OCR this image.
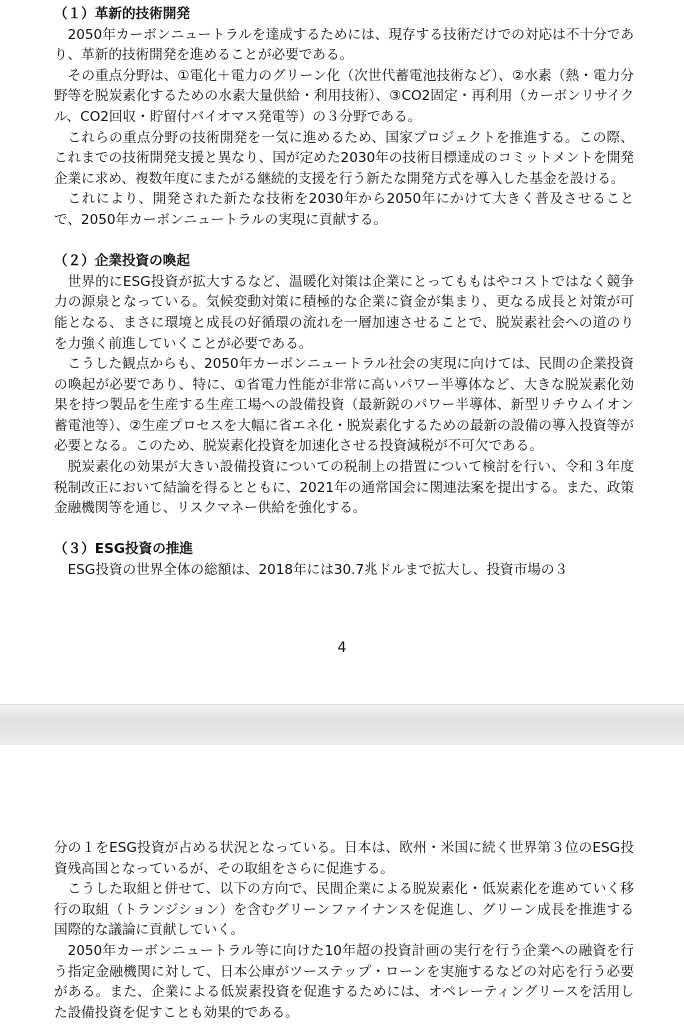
（１）革新的技術開発

2050年カーボンニュートラルを達成するためには、現存する技術だけでの対応は不十分であり、革新的技術開発を進めることが必要である。

その重点分野は、①電化＋電力のグリーン化（次世代蓄電池技術など）、②水素（熱・電力分野等を脱炭素化するための水素大量供給・利用技術）、③CO2固定・再利用（カーボンリサイクル、CO2回収・貯留付バイオマス発電等）の３分野である。

これらの重点分野の技術開発を一気に進めるため、国家プロジェクトを推進する。この際、これまでの技術開発支援と異なり、国が定めた2030年の技術目標達成のコミットメントを開発企業に求め、複数年度にまたがる継続的支援を行う新たな開発方式を導入した基金を設ける。

これにより、開発された新たな技術を2030年から2050年にかけて大きく普及させることで、2050年カーボンニュートラルの実現に貢献する。

（２）企業投資の喚起

世界的にESG投資が拡大するなど、温暖化対策は企業にとってももはやコストではなく競争力の源泉となっている。気候変動対策に積極的な企業に資金が集まり、更なる成長と対策が可能となる、まさに環境と成長の好循環の流れを一層加速させることで、脱炭素社会への道のりを力強く前進していくことが必要である。

こうした観点からも、2050年カーボンニュートラル社会の実現に向けては、民間の企業投資の喚起が必要であり、特に、①省電力性能が非常に高いパワー半導体など、大きな脱炭素化効果を持つ製品を生産する生産工場への設備投資（最新鋭のパワー半導体、新型リチウムイオン蓄電池等）、②生産プロセスを大幅に省エネ化・脱炭素化するための最新の設備の導入投資等が必要となる。このため、脱炭素化投資を加速化させる投資減税が不可欠である。

脱炭素化の効果が大きい設備投資についての税制上の措置について検討を行い、令和３年度税制改正において結論を得るとともに、2021年の通常国会に関連法案を提出する。また、政策金融機関等を通じ、リスクマネー供給を強化する。

（３）ESG投資の推進

ESG投資の世界全体の総額は、2018年には30.7兆ドルまで拡大し、投資市場の３

4

分の１をESG投資が占める状況となっている。日本は、欧州・米国に続く世界第３位のESG投資残高国となっているが、その取組をさらに促進する。

こうした取組と併せて、以下の方向で、民間企業による脱炭素化・低炭素化を進めていく移行の取組（トランジション）を含むグリーンファイナンスを促進し、グリーン成長を推進する国際的な議論に貢献していく。

2050年カーボンニュートラル等に向けた10年超の投資計画の実行を行う企業への融資を行う指定金融機関に対して、日本公庫がツーステップ・ローンを実施するなどの対応を行う必要がある。また、企業による低炭素投資を促進するためには、オペレーティングリースを活用した設備投資を促すことも効果的である。
